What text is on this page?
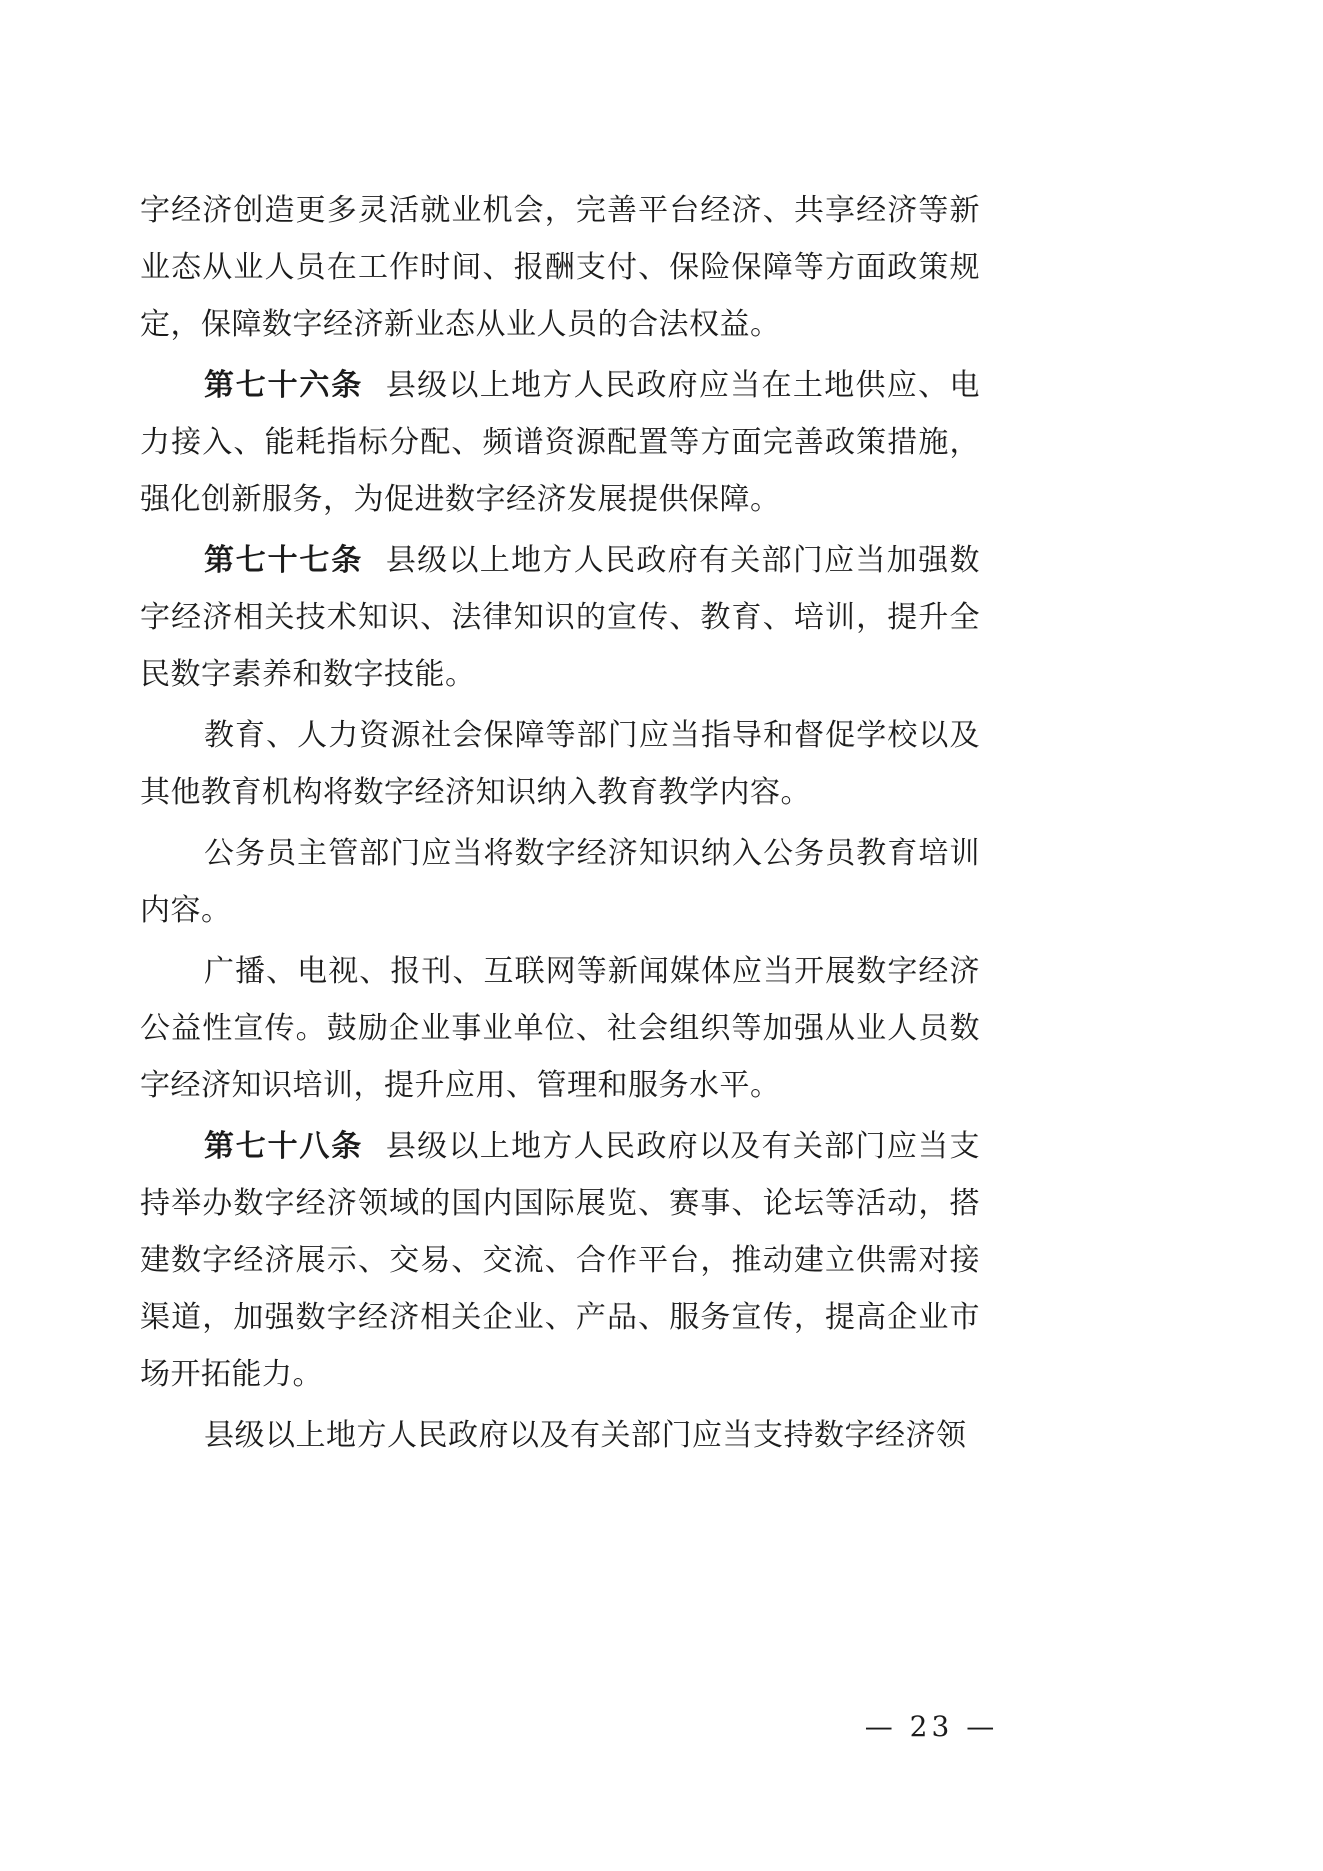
字经济创造更多灵活就业机会，完善平台经济、共享经济等新业态从业人员在工作时间、报酬支付、保险保障等方面政策规定，保障数字经济新业态从业人员的合法权益。

第七十六条 县级以上地方人民政府应当在土地供应、电力接入、能耗指标分配、频谱资源配置等方面完善政策措施，强化创新服务，为促进数字经济发展提供保障。

第七十七条 县级以上地方人民政府有关部门应当加强数字经济相关技术知识、法律知识的宣传、教育、培训，提升全民数字素养和数字技能。

教育、人力资源社会保障等部门应当指导和督促学校以及其他教育机构将数字经济知识纳入教育教学内容。

公务员主管部门应当将数字经济知识纳入公务员教育培训内容。

广播、电视、报刊、互联网等新闻媒体应当开展数字经济公益性宣传。鼓励企业事业单位、社会组织等加强从业人员数字经济知识培训，提升应用、管理和服务水平。

第七十八条 县级以上地方人民政府以及有关部门应当支持举办数字经济领域的国内国际展览、赛事、论坛等活动，搭建数字经济展示、交易、交流、合作平台，推动建立供需对接渠道，加强数字经济相关企业、产品、服务宣传，提高企业市场开拓能力。

县级以上地方人民政府以及有关部门应当支持数字经济领

— 23 —
